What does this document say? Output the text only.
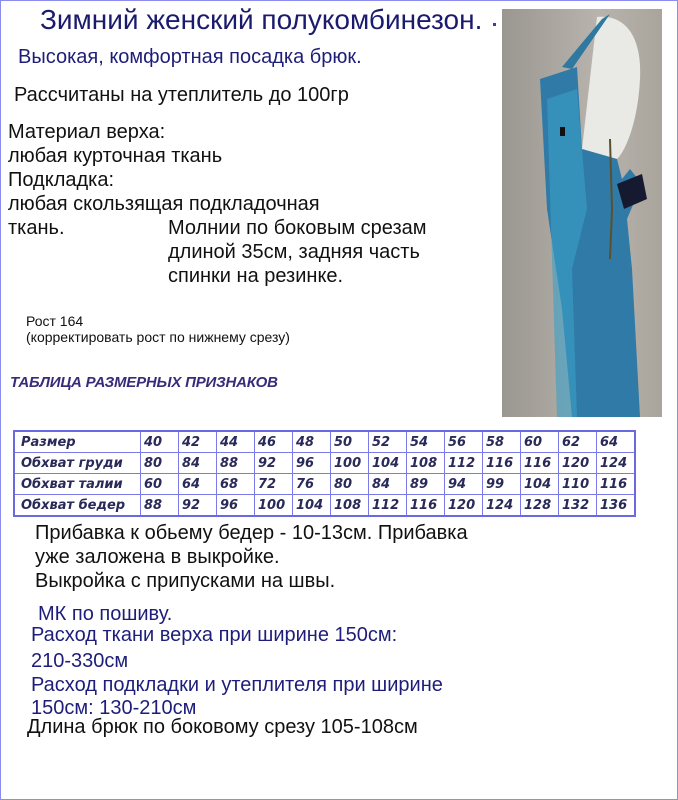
Зимний женский полукомбинезон.
Высокая, комфортная посадка брюк.
Рассчитаны на утеплитель до 100гр
Материал верха:
любая курточная ткань
Подкладка:
любая скользящая подкладочная
ткань.	Молнии по боковым срезам
длиной 35см, задняя часть
спинки на резинке.
Рост 164
(корректировать рост по нижнему срезу)
ТАБЛИЦА РАЗМЕРНЫХ ПРИЗНАКОВ
Размер	40	42	44	46	48	50	52	54	56	58	60	62	64
Обхват груди	80	84	88	92	96	100	104	108	112	116	116	120	124
Обхват талии	60	64	68	72	76	80	84	89	94	99	104	110	116
Обхват бедер	88	92	96	100	104	108	112	116	120	124	128	132	136
Прибавка к обьему бедер - 10-13см. Прибавка
уже заложена в выкройке.
Выкройка с припусками на швы.
МК по пошиву.
Расход ткани верха при ширине 150см:
210-330см
Расход подкладки и утеплителя при ширине
150см: 130-210см
Длина брюк по боковому срезу 105-108см
